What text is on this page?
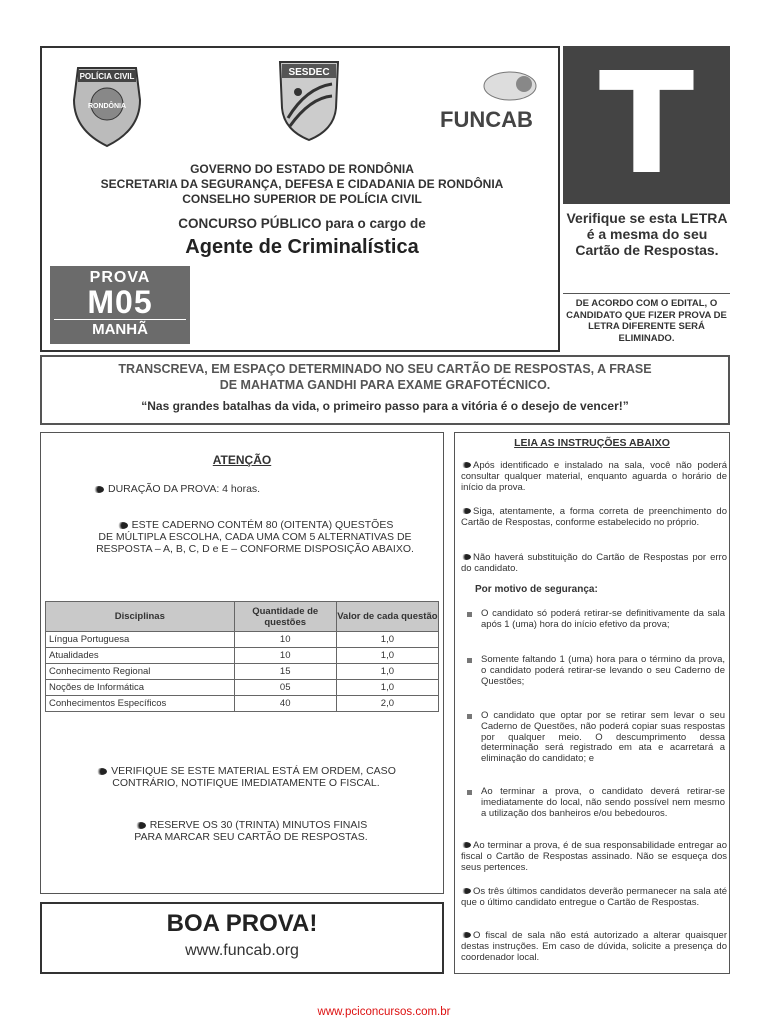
RONDÔNIA
POLÍCIA CIVIL	SESDEC
FUNCAB
GOVERNO DO ESTADO DE RONDÔNIA
SECRETARIA DA SEGURANÇA, DEFESA E CIDADANIA DE RONDÔNIA
CONSELHO SUPERIOR DE POLÍCIA CIVIL
CONCURSO PÚBLICO para o cargo de
Agente de Criminalística
PROVA
M05
MANHÃ
T
Verifique se esta LETRA é a mesma do seu Cartão de Respostas.
DE ACORDO COM O EDITAL, O CANDIDATO QUE FIZER PROVA DE LETRA DIFERENTE SERÁ ELIMINADO.
TRANSCREVA, EM ESPAÇO DETERMINADO NO SEU CARTÃO DE RESPOSTAS, A FRASE
DE MAHATMA GANDHI PARA EXAME GRAFOTÉCNICO.
“Nas grandes batalhas da vida, o primeiro passo para a vitória é o desejo de vencer!”
ATENÇÃO
DURAÇÃO DA PROVA: 4 horas.
ESTE CADERNO CONTÉM 80 (OITENTA) QUESTÕES
DE MÚLTIPLA ESCOLHA, CADA UMA COM 5 ALTERNATIVAS DE
RESPOSTA – A, B, C, D e E – CONFORME DISPOSIÇÃO ABAIXO.
Disciplinas	Quantidade de questões	Valor de cada questão
Língua Portuguesa	10	1,0
Atualidades	10	1,0
Conhecimento Regional	15	1,0
Noções de Informática	05	1,0
Conhecimentos Específicos	40	2,0
VERIFIQUE SE ESTE MATERIAL ESTÁ EM ORDEM, CASO
CONTRÁRIO, NOTIFIQUE IMEDIATAMENTE O FISCAL.
RESERVE OS 30 (TRINTA) MINUTOS FINAIS
PARA MARCAR SEU CARTÃO DE RESPOSTAS.
BOA PROVA!
www.funcab.org
LEIA AS INSTRUÇÕES ABAIXO
Após identificado e instalado na sala, você não poderá consultar qualquer material, enquanto aguarda o horário de início da prova.
Siga, atentamente, a forma correta de preenchimento do Cartão de Respostas, conforme estabelecido no próprio.
Não haverá substituição do Cartão de Respostas por erro do candidato.
Por motivo de segurança:
O candidato só poderá retirar-se definitivamente da sala após 1 (uma) hora do início efetivo da prova;
Somente faltando 1 (uma) hora para o término da prova, o candidato poderá retirar-se levando o seu Caderno de Questões;
O candidato que optar por se retirar sem levar o seu Caderno de Questões, não poderá copiar suas respostas por qualquer meio. O descumprimento dessa determinação será registrado em ata e acarretará a eliminação do candidato; e
Ao terminar a prova, o candidato deverá retirar-se imediatamente do local, não sendo possível nem mesmo a utilização dos banheiros e/ou bebedouros.
Ao terminar a prova, é de sua responsabilidade entregar ao fiscal o Cartão de Respostas assinado. Não se esqueça dos seus pertences.
Os três últimos candidatos deverão permanecer na sala até que o último candidato entregue o Cartão de Respostas.
O fiscal de sala não está autorizado a alterar quaisquer destas instruções. Em caso de dúvida, solicite a presença do coordenador local.
www.pciconcursos.com.br
